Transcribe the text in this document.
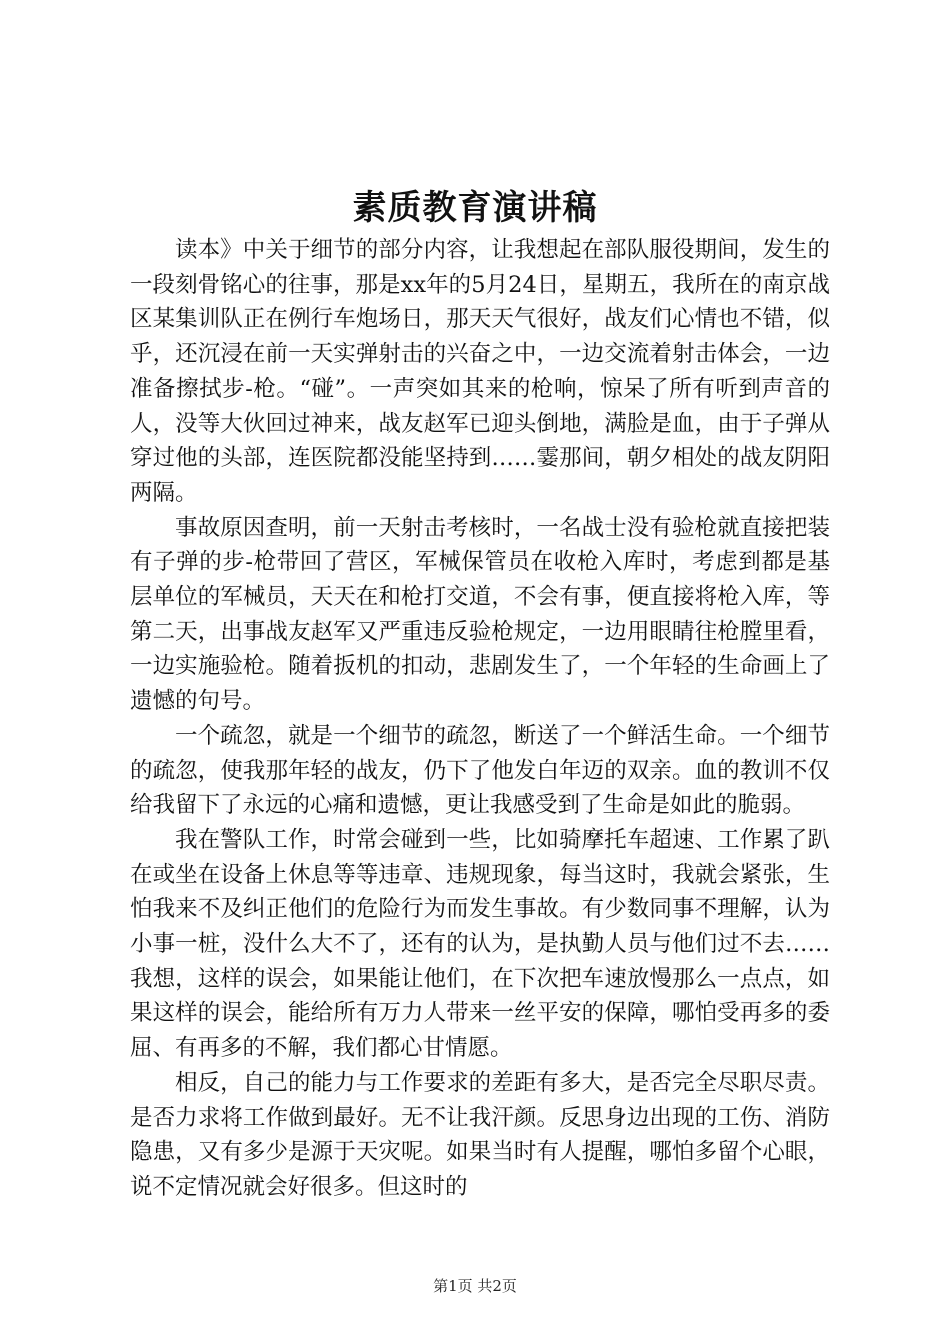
素质教育演讲稿

读本》中关于细节的部分内容，让我想起在部队服役期间，发生的一段刻骨铭心的往事，那是xx年的5月24日，星期五，我所在的南京战区某集训队正在例行车炮场日，那天天气很好，战友们心情也不错，似乎，还沉浸在前一天实弹射击的兴奋之中，一边交流着射击体会，一边准备擦拭步-枪。“碰”。一声突如其来的枪响，惊呆了所有听到声音的人，没等大伙回过神来，战友赵军已迎头倒地，满脸是血，由于子弹从穿过他的头部，连医院都没能坚持到……霎那间，朝夕相处的战友阴阳两隔。

事故原因查明，前一天射击考核时，一名战士没有验枪就直接把装有子弹的步-枪带回了营区，军械保管员在收枪入库时，考虑到都是基层单位的军械员，天天在和枪打交道，不会有事，便直接将枪入库，等第二天，出事战友赵军又严重违反验枪规定，一边用眼睛往枪膛里看，一边实施验枪。随着扳机的扣动，悲剧发生了，一个年轻的生命画上了遗憾的句号。

一个疏忽，就是一个细节的疏忽，断送了一个鲜活生命。一个细节的疏忽，使我那年轻的战友，仍下了他发白年迈的双亲。血的教训不仅给我留下了永远的心痛和遗憾，更让我感受到了生命是如此的脆弱。

我在警队工作，时常会碰到一些，比如骑摩托车超速、工作累了趴在或坐在设备上休息等等违章、违规现象，每当这时，我就会紧张，生怕我来不及纠正他们的危险行为而发生事故。有少数同事不理解，认为小事一桩，没什么大不了，还有的认为，是执勤人员与他们过不去……我想，这样的误会，如果能让他们，在下次把车速放慢那么一点点，如果这样的误会，能给所有万力人带来一丝平安的保障，哪怕受再多的委屈、有再多的不解，我们都心甘情愿。

相反，自己的能力与工作要求的差距有多大，是否完全尽职尽责。是否力求将工作做到最好。无不让我汗颜。反思身边出现的工伤、消防隐患，又有多少是源于天灾呢。如果当时有人提醒，哪怕多留个心眼，说不定情况就会好很多。但这时的

第1页 共2页
